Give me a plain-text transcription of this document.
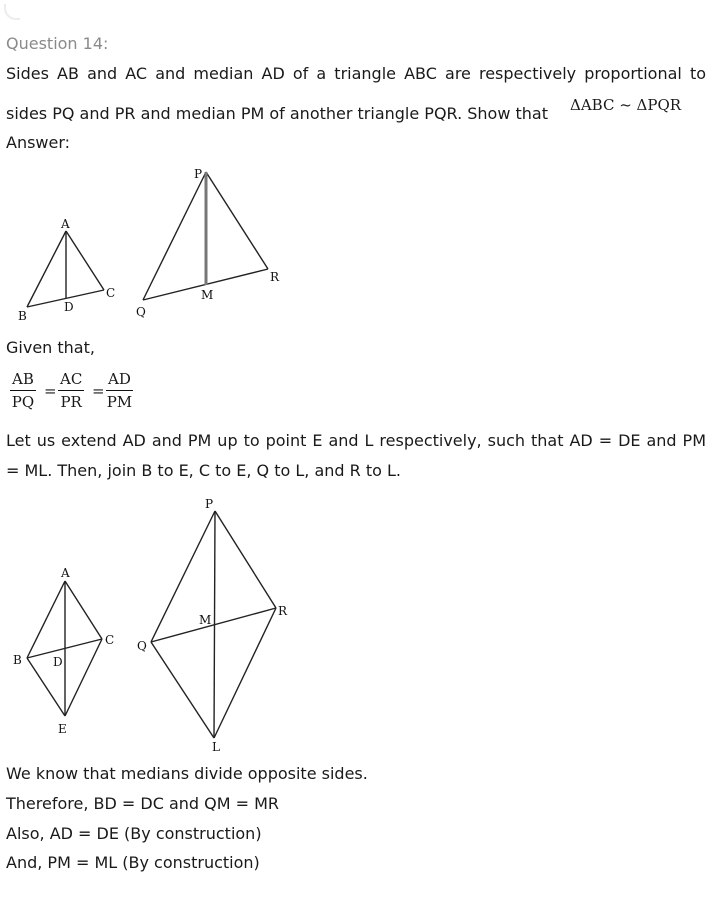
Question 14:
Sides AB and AC and median AD of a triangle ABC are respectively proportional to
sides PQ and PR and median PM of another triangle PQR. Show that ΔABC ~ ΔPQR
Answer:
A
B
C
D
P
Q
R
M
Given that,
$\frac{AB}{PQ} = \frac{AC}{PR} = \frac{AD}{PM}$
Let us extend AD and PM up to point E and L respectively, such that AD = DE and PM
= ML. Then, join B to E, C to E, Q to L, and R to L.
A
B
C
D
E
P
Q
R
M
L
We know that medians divide opposite sides.
Therefore, BD = DC and QM = MR
Also, AD = DE (By construction)
And, PM = ML (By construction)
